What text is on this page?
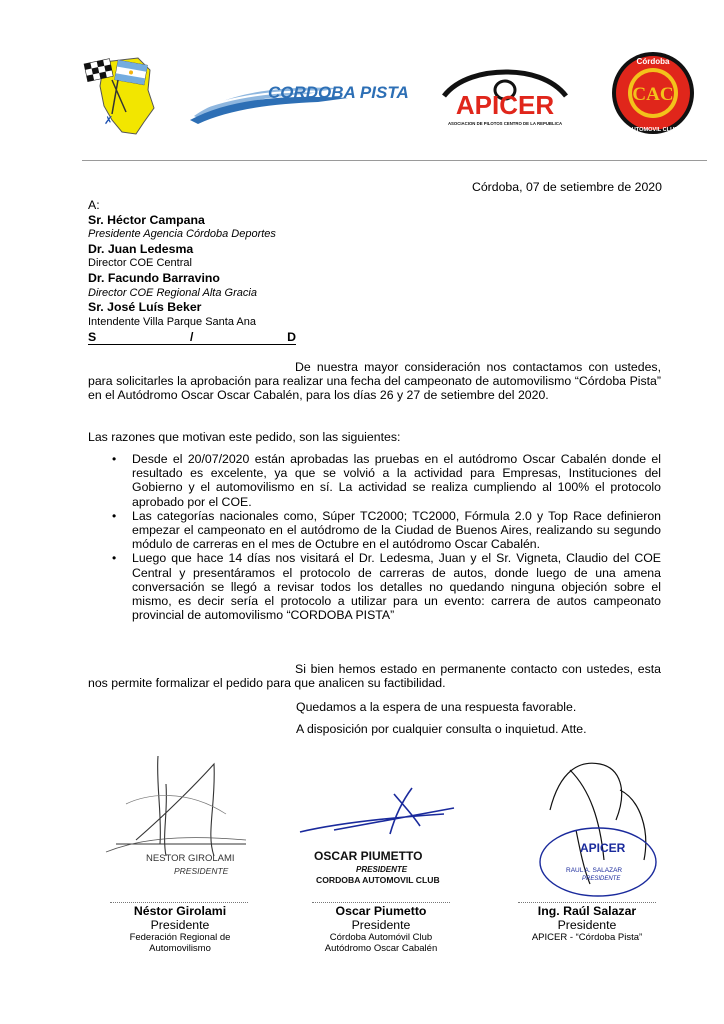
✗
CORDOBA PISTA APICER
ASOCIACION DE PILOTOS CENTRO DE LA REPUBLICA
Córdoba
AUTOMOVIL CLUB
CAC
Córdoba, 07 de setiembre de 2020
A:
Sr. Héctor Campana
Presidente Agencia Córdoba Deportes
Dr. Juan Ledesma
Director COE Central
Dr. Facundo Barravino
Director COE Regional Alta Gracia
Sr. José Luís Beker
Intendente Villa Parque Santa Ana
S	/	D
De nuestra mayor consideración nos contactamos con ustedes, para solicitarles la aprobación para realizar una fecha del campeonato de automovilismo “Córdoba Pista” en el Autódromo Oscar Oscar Cabalén, para los días 26 y 27 de setiembre del 2020.
Las razones que motivan este pedido, son las siguientes:
• Desde el 20/07/2020 están aprobadas las pruebas en el autódromo Oscar Cabalén donde el resultado es excelente, ya que se volvió a la actividad para Empresas, Instituciones del Gobierno y el automovilismo en sí. La actividad se realiza cumpliendo al 100% el protocolo aprobado por el COE.
• Las categorías nacionales como, Súper TC2000; TC2000, Fórmula 2.0 y Top Race definieron empezar el campeonato en el autódromo de la Ciudad de Buenos Aires, realizando su segundo módulo de carreras en el mes de Octubre en el autódromo Oscar Cabalén.
• Luego que hace 14 días nos visitará el Dr. Ledesma, Juan y el Sr. Vigneta, Claudio del COE Central y presentáramos el protocolo de carreras de autos, donde luego de una amena conversación se llegó a revisar todos los detalles no quedando ninguna objeción sobre el mismo, es decir sería el protocolo a utilizar para un evento: carrera de autos campeonato provincial de automovilismo “CORDOBA PISTA”
Si bien hemos estado en permanente contacto con ustedes, esta nos permite formalizar el pedido para que analicen su factibilidad.
Quedamos a la espera de una respuesta favorable.
A disposición por cualquier consulta o inquietud. Atte.
NESTOR GIROLAMI
PRESIDENTE
Néstor Girolami
Presidente
Federación Regional de
Automovilismo
OSCAR PIUMETTO
PRESIDENTE
CORDOBA AUTOMOVIL CLUB
Oscar Piumetto
Presidente
Córdoba Automóvil Club
Autódromo Oscar Cabalén
APICER
RAUL A. SALAZAR
PRESIDENTE
Ing. Raúl Salazar
Presidente
APICER - “Córdoba Pista”
